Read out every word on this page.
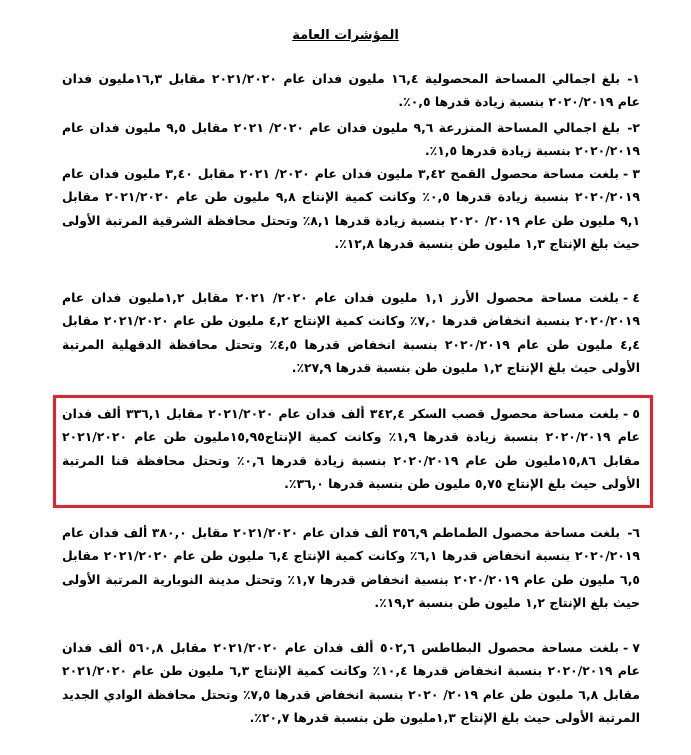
المؤشرات العامة
١-بلغ اجمالي المساحة المحصولية ١٦,٤ مليون فدان عام ٢٠٢١/٢٠٢٠ مقابل ١٦,٣مليون فدان عام ٢٠٢٠/٢٠١٩ بنسبة زيادة قدرها ٠,٥٪.
٢-بلغ اجمالي المساحة المنزرعة ٩,٦ مليون فدان عام ٢٠٢٠/ ٢٠٢١ مقابل ٩,٥ مليون فدان عام ٢٠٢٠/٢٠١٩ بنسبة زيادة قدرها ١,٥٪.
٣ -بلغت مساحة محصول القمح ٣,٤٢ مليون فدان عام ٢٠٢٠/ ٢٠٢١ مقابل ٣,٤٠ مليون فدان عام ٢٠٢٠/٢٠١٩ بنسبة زيادة قدرها ٠,٥٪ وكانت كمية الإنتاج ٩,٨ مليون طن عام ٢٠٢١/٢٠٢٠ مقابل ٩,١ مليون طن عام ٢٠١٩/ ٢٠٢٠ بنسبة زيادة قدرها ٨,١٪ وتحتل محافظة الشرقية المرتبة الأولى حيث بلغ الإنتاج ١,٣ مليون طن بنسبة قدرها ١٢,٨٪.
٤ -بلغت مساحة محصول الأرز ١,١ مليون فدان عام ٢٠٢٠/ ٢٠٢١ مقابل ١,٢مليون فدان عام ٢٠٢٠/٢٠١٩ بنسبة انخفاض قدرها ٧,٠٪ وكانت كمية الإنتاج ٤,٢ مليون طن عام ٢٠٢١/٢٠٢٠ مقابل ٤,٤ مليون طن عام ٢٠٢٠/٢٠١٩ بنسبة انخفاض قدرها ٤,٥٪ وتحتل محافظة الدقهلية المرتبة الأولى حيث بلغ الإنتاج ١,٢ مليون طن بنسبة قدرها ٢٧,٩٪.
٥ -بلغت مساحة محصول قصب السكر ٣٤٢,٤ ألف فدان عام ٢٠٢١/٢٠٢٠ مقابل ٣٣٦,١ ألف فدان عام ٢٠٢٠/٢٠١٩ بنسبة زيادة قدرها ١,٩٪ وكانت كمية الإنتاج١٥,٩٥مليون طن عام ٢٠٢١/٢٠٢٠ مقابل ١٥,٨٦مليون طن عام ٢٠٢٠/٢٠١٩ بنسبة زيادة قدرها ٠,٦٪ وتحتل محافظة قنا المرتبة الأولى حيث بلغ الإنتاج ٥,٧٥ مليون طن بنسبة قدرها ٣٦,٠٪.
٦-بلغت مساحة محصول الطماطم ٣٥٦,٩ ألف فدان عام ٢٠٢١/٢٠٢٠ مقابل ٣٨٠,٠ ألف فدان عام ٢٠٢٠/٢٠١٩ بنسبة انخفاض قدرها ٦,١٪ وكانت كمية الإنتاج ٦,٤ مليون طن عام ٢٠٢١/٢٠٢٠ مقابل ٦,٥ مليون طن عام ٢٠٢٠/٢٠١٩ بنسبة انخفاض قدرها ١,٧٪ وتحتل مدينة النوبارية المرتبة الأولى حيث بلغ الإنتاج ١,٢ مليون طن بنسبة ١٩,٢٪.
٧ -بلغت مساحة محصول البطاطس ٥٠٢,٦ ألف فدان عام ٢٠٢١/٢٠٢٠ مقابل ٥٦٠,٨ ألف فدان عام ٢٠٢٠/٢٠١٩ بنسبة انخفاض قدرها ١٠,٤٪ وكانت كمية الإنتاج ٦,٣ مليون طن عام ٢٠٢١/٢٠٢٠ مقابل ٦,٨ مليون طن عام ٢٠١٩/ ٢٠٢٠ بنسبة انخفاض قدرها ٧,٥٪ وتحتل محافظة الوادي الجديد المرتبة الأولى حيث بلغ الإنتاج ١,٣مليون طن بنسبة قدرها ٢٠,٧٪.
